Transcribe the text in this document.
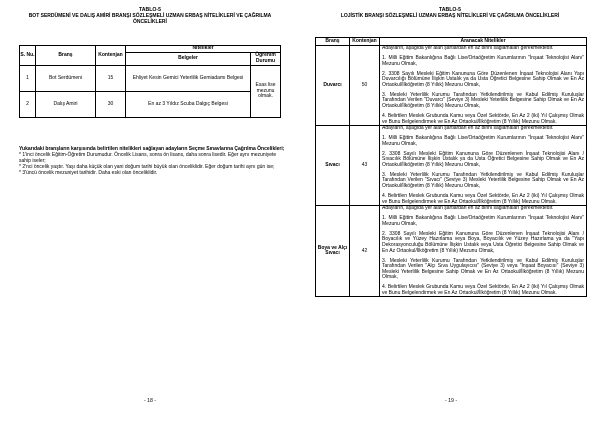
TABLO-5
BOT SERDÜMENİ VE DALIŞ AMİRİ BRANŞI SÖZLEŞMELİ UZMAN ERBAŞ NİTELİKLERİ VE ÇAĞRILMA ÖNCELİKLERİ
S. Nu.	Branş	Kontenjan	Nitelikler	
			Belgeler	Öğrenim Durumu
1	Bot Serdümeni	15	Ehliyet Kesin Gemici Yeterlilik Gemiadamı Belgesi	Esas lise mezunu olmak.
2	Dalış Amiri	30	En az 3 Yıldız Scuba Dalgıç Belgesi	
Yukarıdaki branşların karşısında belirtilen nitelikleri sağlayan adayların Seçme Sınavlarına Çağrılma Öncelikleri;
* 1'inci öncelik Eğitim-Öğretim Durumudur. Öncelik Lisans, sonra ön lisans, daha sonra lisedir. Eğer aynı mezuniyete sahip iseler;
* 2'nci öncelik yaştır. Yaşı daha küçük olan yani doğum tarihi büyük olan önceliklidir. Eğer doğum tarihi aynı gün ise;
* 3'üncü öncelik mezuniyet tarihidir. Daha eski olan önceliklidir.
- 18 -
TABLO-5
LOJİSTİK BRANŞI SÖZLEŞMELİ UZMAN ERBAŞ NİTELİKLERİ VE ÇAĞRILMA ÖNCELİKLERİ
Branş	Kontenjan	Aranacak Nitelikler
Duvarcı	50	Adayların, aşağıda yer alan şartlardan en az birini sağlamaları gerekmektedir.
1. Milli Eğitim Bakanlığına Bağlı Lise/Ortaöğretim Kurumlarının "İnşaat Teknolojisi Alanı" Mezunu Olmak,
2. 3308 Sayılı Mesleki Eğitim Kanununa Göre Düzenlenen İnşaat Teknolojisi Alanı Yapı Duvarcılığı Bölümüne İlişkin Ustalık ya da Usta Öğretici Belgesine Sahip Olmak ve En Az Ortaokul/İlköğretim (8 Yıllık) Mezunu Olmak,
3. Mesleki Yeterlilik Kurumu Tarafından Yetkilendirilmiş ve Kabul Edilmiş Kuruluşlar Tarafından Verilen "Duvarcı" (Seviye 3) Mesleki Yeterlilik Belgesine Sahip Olmak ve En Az Ortaokul/İlköğretim (8 Yıllık) Mezunu Olmak,
4. Belirtilen Meslek Grubunda Kamu veya Özel Sektörde, En Az 2 (iki) Yıl Çalışmış Olmak ve Bunu Belgelendirmek ve En Az Ortaokul/İlköğretim (8 Yıllık) Mezunu Olmak.

Sıvacı	43	Adayların, aşağıda yer alan şartlardan en az birini sağlamaları gerekmektedir.
1. Milli Eğitim Bakanlığına Bağlı Lise/Ortaöğretim Kurumlarının "İnşaat Teknolojisi Alanı" Mezunu Olmak,
2. 3308 Sayılı Mesleki Eğitim Kanununa Göre Düzenlenen İnşaat Teknolojisi Alanı / Sıvacılık Bölümüne İlişkin Ustalık ya da Usta Öğretici Belgesine Sahip Olmak ve En Az Ortaokul/İlköğretim (8 Yıllık) Mezunu Olmak,
3. Mesleki Yeterlilik Kurumu Tarafından Yetkilendirilmiş ve Kabul Edilmiş Kuruluşlar Tarafından Verilen "Sıvacı" (Seviye 3) Mesleki Yeterlilik Belgesine Sahip Olmak ve En Az Ortaokul/İlköğretim (8 Yıllık) Mezunu Olmak,
4. Belirtilen Meslek Grubunda Kamu veya Özel Sektörde, En Az 2 (iki) Yıl Çalışmış Olmak ve Bunu Belgelendirmek ve En Az Ortaokul/İlköğretim (8 Yıllık) Mezunu Olmak.

Boya ve Alçı Sıvacı	42	Adayların, aşağıda yer alan şartlardan en az birini sağlamaları gerekmektedir.
1. Milli Eğitim Bakanlığına Bağlı Lise/Ortaöğretim Kurumlarının "İnşaat Teknolojisi Alanı" Mezunu Olmak,
2. 3308 Sayılı Mesleki Eğitim Kanununa Göre Düzenlenen İnşaat Teknolojisi Alanı / Boyacılık ve Yüzey Hazırlama veya Boya, Boyacılık ve Yüzey Hazırlama ya da "Yapı Dekorasyonculuğu Bölümüne İlişkin Ustalık veya Usta Öğretici Belgesine Sahip Olmak ve En Az Ortaokul/İlköğretim (8 Yıllık) Mezunu Olmak,
3. Mesleki Yeterlilik Kurumu Tarafından Yetkilendirilmiş ve Kabul Edilmiş Kuruluşlar Tarafından Verilen "Alçı Sıva Uygulayıcısı" (Seviye 3) veya "İnşaat Boyacısı" (Seviye 3) Mesleki Yeterlilik Belgesine Sahip Olmak ve En Az Ortaokul/İlköğretim (8 Yıllık) Mezunu Olmak,
4. Belirtilen Meslek Grubunda Kamu veya Özel Sektörde, En Az 2 (iki) Yıl Çalışmış Olmak ve Bunu Belgelendirmek ve En Az Ortaokul/İlköğretim (8 Yıllık) Mezunu Olmak.
- 19 -
